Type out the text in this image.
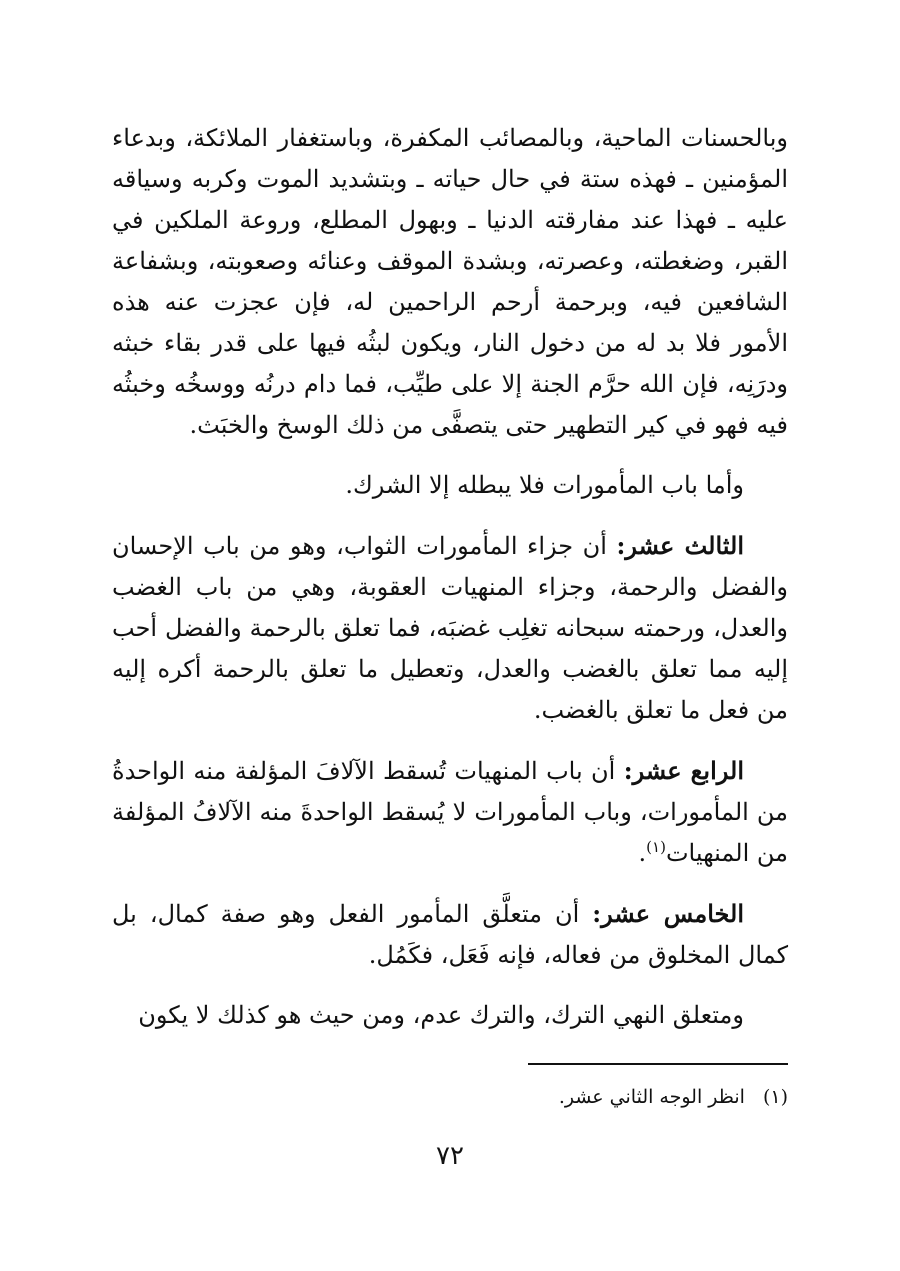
وبالحسنات الماحية، وبالمصائب المكفرة، وباستغفار الملائكة، وبدعاء المؤمنين ـ فهذه ستة في حال حياته ـ وبتشديد الموت وكربه وسياقه عليه ـ فهذا عند مفارقته الدنيا ـ وبهول المطلع، وروعة الملكين في القبر، وضغطته، وعصرته، وبشدة الموقف وعنائه وصعوبته، وبشفاعة الشافعين فيه، وبرحمة أرحم الراحمين له، فإن عجزت عنه هذه الأمور فلا بد له من دخول النار، ويكون لبثُه فيها على قدر بقاء خبثه ودرَنِه، فإن الله حرَّم الجنة إلا على طيِّب، فما دام درنُه ووسخُه وخبثُه فيه فهو في كير التطهير حتى يتصفَّى من ذلك الوسخ والخبَث.

وأما باب المأمورات فلا يبطله إلا الشرك.

الثالث عشر: أن جزاء المأمورات الثواب، وهو من باب الإحسان والفضل والرحمة، وجزاء المنهيات العقوبة، وهي من باب الغضب والعدل، ورحمته سبحانه تغلِب غضبَه، فما تعلق بالرحمة والفضل أحب إليه مما تعلق بالغضب والعدل، وتعطيل ما تعلق بالرحمة أكره إليه من فعل ما تعلق بالغضب.

الرابع عشر: أن باب المنهيات تُسقط الآلافَ المؤلفة منه الواحدةُ من المأمورات، وباب المأمورات لا يُسقط الواحدةَ منه الآلافُ المؤلفة من المنهيات$^{(١)}$.

الخامس عشر: أن متعلَّق المأمور الفعل وهو صفة كمال، بل كمال المخلوق من فعاله، فإنه فَعَل، فكَمُل.

ومتعلق النهي الترك، والترك عدم، ومن حيث هو كذلك لا يكون

(١)انظر الوجه الثاني عشر.
٧٢
